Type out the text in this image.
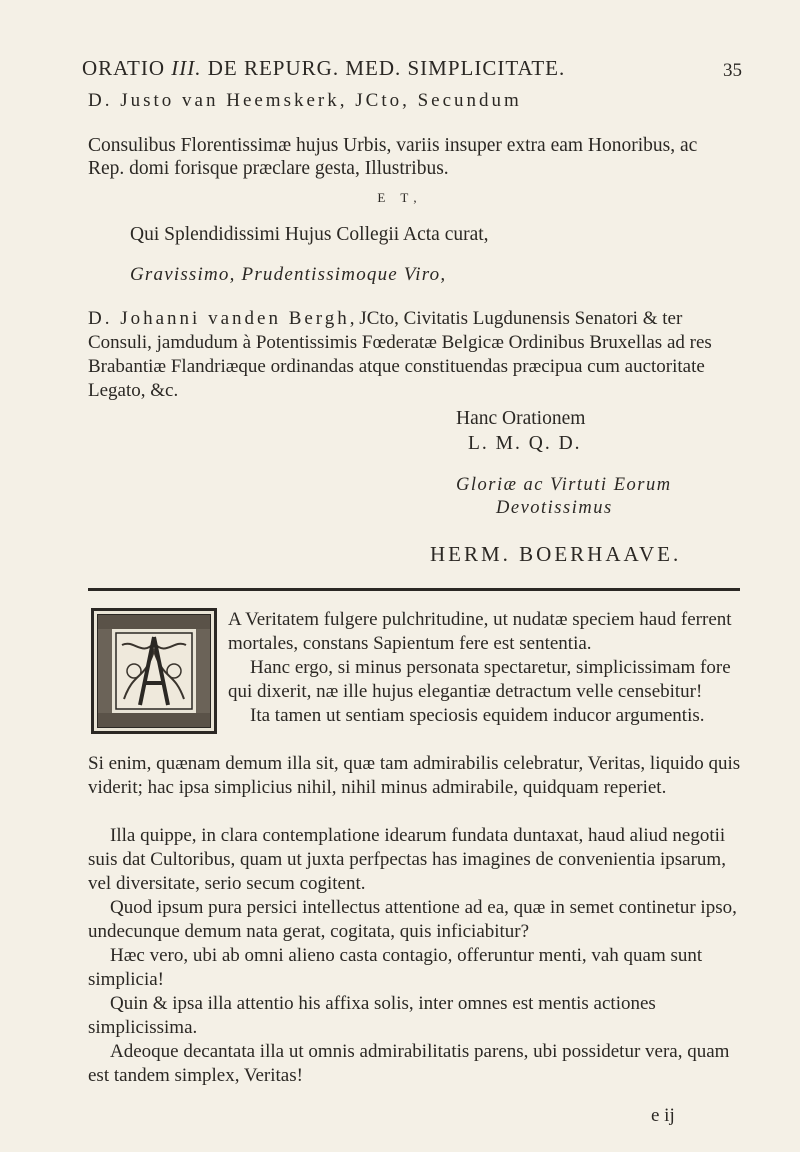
ORATIO III. DE REPURG. MED. SIMPLICITATE.	35
D. Justo van Heemskerk, JCto, Secundum
Consulibus Florentissimæ hujus Urbis, variis insuper extra eam Honoribus, ac Rep. domi forisque præclare gesta, Illustribus.
E T,
Qui Splendidissimi Hujus Collegii Acta curat,
Gravissimo, Prudentissimoque Viro,
D. Johanni vanden Bergh, JCto, Civitatis Lugdunensis Senatori & ter Consuli, jamdudum à Potentissimis Fœderatæ Belgicæ Ordinibus Bruxellas ad res Brabantiæ Flandriæque ordinandas atque constituendas præcipua cum auctoritate Legato, &c.
Hanc Orationem
L. M. Q. D.
Gloriæ ac Virtuti Eorum
Devotissimus
HERM. BOERHAAVE.

A Veritatem fulgere pulchritudine, ut nudatæ speciem haud ferrent mortales, constans Sapientum fere est sententia.

Hanc ergo, si minus personata spectaretur, simplicissimam fore qui dixerit, næ ille hujus elegantiæ detractum velle censebitur!

Ita tamen ut sentiam speciosis equidem inducor argumentis.

Si enim, quænam demum illa sit, quæ tam admirabilis celebratur, Veritas, liquido quis viderit; hac ipsa simplicius nihil, nihil minus admirabile, quidquam reperiet.
Illa quippe, in clara contemplatione idearum fundata duntaxat, haud aliud negotii suis dat Cultoribus, quam ut juxta perfpectas has imagines de convenientia ipsarum, vel diversitate, serio secum cogitent.
Quod ipsum pura persici intellectus attentione ad ea, quæ in semet continetur ipso, undecunque demum nata gerat, cogitata, quis inficiabitur?
Hæc vero, ubi ab omni alieno casta contagio, offeruntur menti, vah quam sunt simplicia!
Quin & ipsa illa attentio his affixa solis, inter omnes est mentis actiones simplicissima.
Adeoque decantata illa ut omnis admirabilitatis parens, ubi possidetur vera, quam est tandem simplex, Veritas!
e ij
